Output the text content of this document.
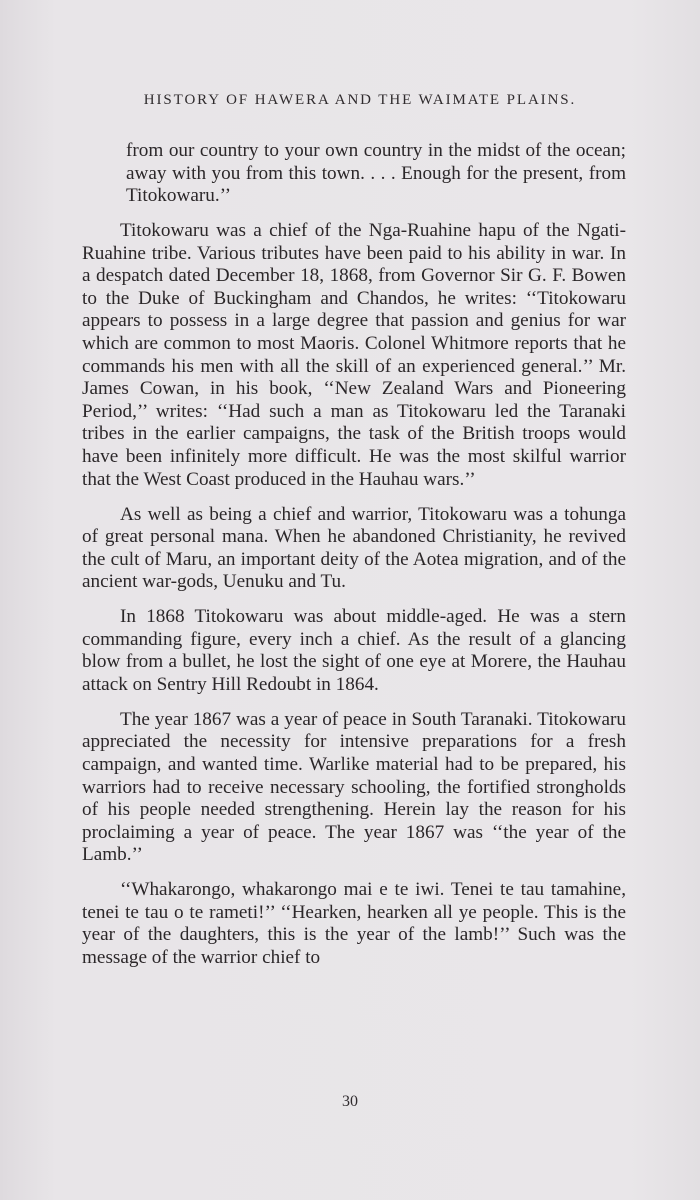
HISTORY OF HAWERA AND THE WAIMATE PLAINS.

from our country to your own country in the midst of the ocean; away with you from this town. . . . Enough for the present, from Titokowaru.’’

Titokowaru was a chief of the Nga-Ruahine hapu of the Ngati-Ruahine tribe. Various tributes have been paid to his ability in war. In a despatch dated December 18, 1868, from Governor Sir G. F. Bowen to the Duke of Buckingham and Chandos, he writes: ‘‘Titokowaru appears to possess in a large degree that passion and genius for war which are common to most Maoris. Colonel Whitmore reports that he commands his men with all the skill of an experienced general.’’ Mr. James Cowan, in his book, ‘‘New Zealand Wars and Pioneering Period,’’ writes: ‘‘Had such a man as Titokowaru led the Taranaki tribes in the earlier campaigns, the task of the British troops would have been infinitely more difficult. He was the most skilful warrior that the West Coast produced in the Hauhau wars.’’

As well as being a chief and warrior, Titokowaru was a tohunga of great personal mana. When he abandoned Christianity, he revived the cult of Maru, an important deity of the Aotea migration, and of the ancient war-gods, Uenuku and Tu.

In 1868 Titokowaru was about middle-aged. He was a stern commanding figure, every inch a chief. As the result of a glancing blow from a bullet, he lost the sight of one eye at Morere, the Hauhau attack on Sentry Hill Redoubt in 1864.

The year 1867 was a year of peace in South Taranaki. Titokowaru appreciated the necessity for intensive preparations for a fresh campaign, and wanted time. Warlike material had to be prepared, his warriors had to receive necessary schooling, the fortified strongholds of his people needed strengthening. Herein lay the reason for his proclaiming a year of peace. The year 1867 was ‘‘the year of the Lamb.’’

‘‘Whakarongo, whakarongo mai e te iwi. Tenei te tau tamahine, tenei te tau o te rameti!’’ ‘‘Hearken, hearken all ye people. This is the year of the daughters, this is the year of the lamb!’’ Such was the message of the warrior chief to

30
